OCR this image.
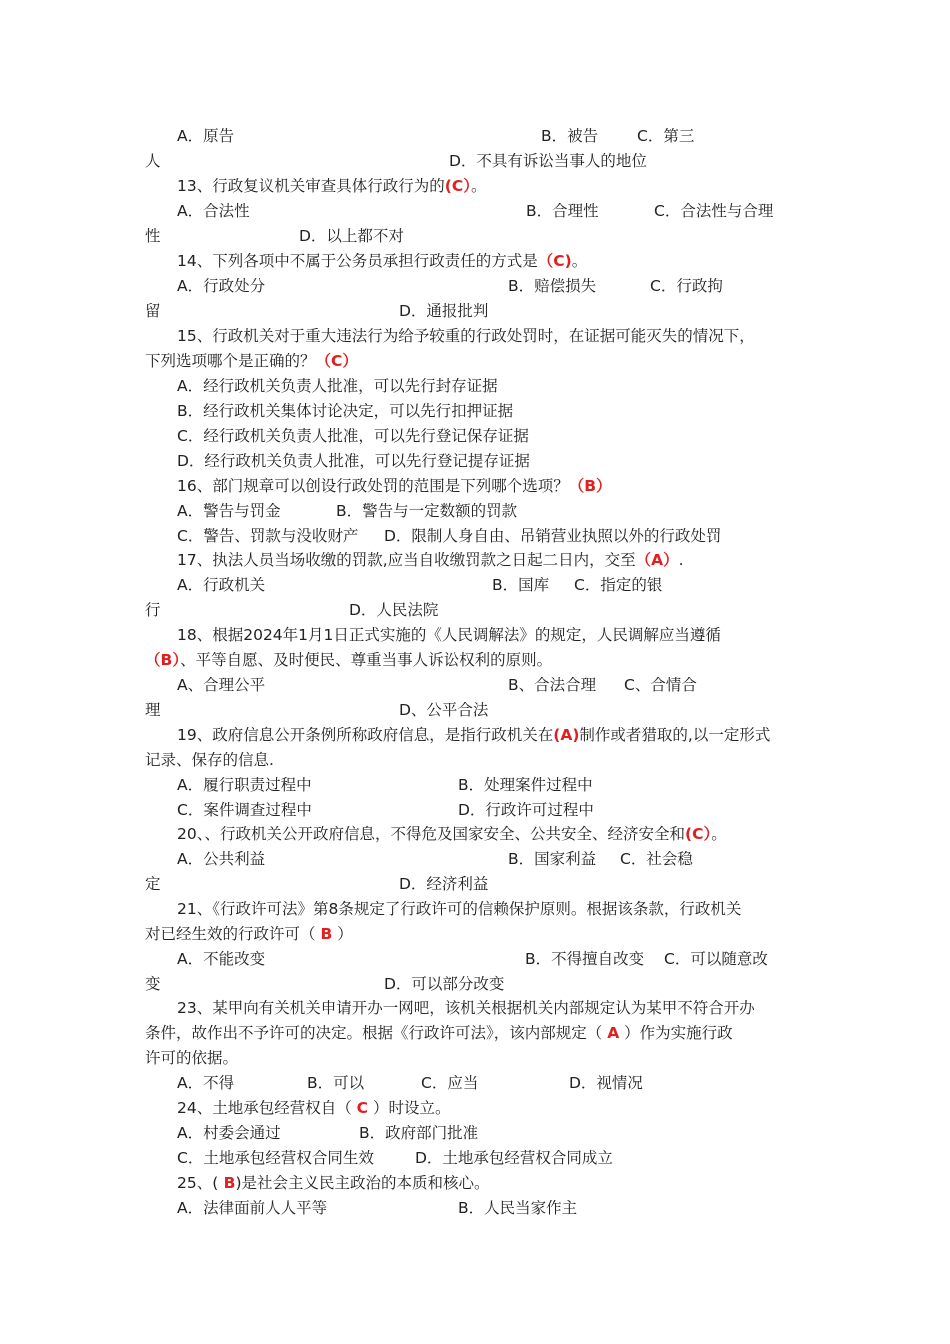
A．原告	B．被告	C．第三
人	D．不具有诉讼当事人的地位
13、行政复议机关审查具体行政行为的(C）。
A．合法性	B．合理性	C．合法性与合理
性	D．以上都不对
14、下列各项中不属于公务员承担行政责任的方式是（C)。
A．行政处分	B．赔偿损失	C．行政拘
留	D．通报批判
15、行政机关对于重大违法行为给予较重的行政处罚时，在证据可能灭失的情况下，
下列选项哪个是正确的？（C）
A．经行政机关负责人批准，可以先行封存证据
B．经行政机关集体讨论决定，可以先行扣押证据
C．经行政机关负责人批准，可以先行登记保存证据
D．经行政机关负责人批准，可以先行登记提存证据
16、部门规章可以创设行政处罚的范围是下列哪个选项？（B）
A．警告与罚金	B．警告与一定数额的罚款
C．警告、罚款与没收财产 D．限制人身自由、吊销营业执照以外的行政处罚
17、执法人员当场收缴的罚款,应当自收缴罚款之日起二日内，交至（A）.
A．行政机关	B．国库 C．指定的银
行	D．人民法院
18、根据2024年1月1日正式实施的《人民调解法》的规定，人民调解应当遵循
（B）、平等自愿、及时便民、尊重当事人诉讼权利的原则。
A、合理公平	B、合法合理 C、合情合
理	D、公平合法
19、政府信息公开条例所称政府信息，是指行政机关在(A)制作或者猎取的,以一定形式
记录、保存的信息.
A．履行职责过程中	B．处理案件过程中
C．案件调查过程中	D．行政许可过程中
20、、行政机关公开政府信息，不得危及国家安全、公共安全、经济安全和(C）。
A．公共利益	B．国家利益 C．社会稳
定	D．经济利益
21、《行政许可法》第8条规定了行政许可的信赖保护原则。根据该条款，行政机关
对已经生效的行政许可（ B ）
A．不能改变	B．不得擅自改变 C．可以随意改
变	D．可以部分改变
23、某甲向有关机关申请开办一网吧，该机关根据机关内部规定认为某甲不符合开办
条件，故作出不予许可的决定。根据《行政许可法》，该内部规定（ A ）作为实施行政
许可的依据。
A．不得	B．可以	C．应当	D．视情况
24、土地承包经营权自（ C ）时设立。
A．村委会通过	B．政府部门批准
C．土地承包经营权合同生效	D．土地承包经营权合同成立
25、( B)是社会主义民主政治的本质和核心。
A．法律面前人人平等	B．人民当家作主
